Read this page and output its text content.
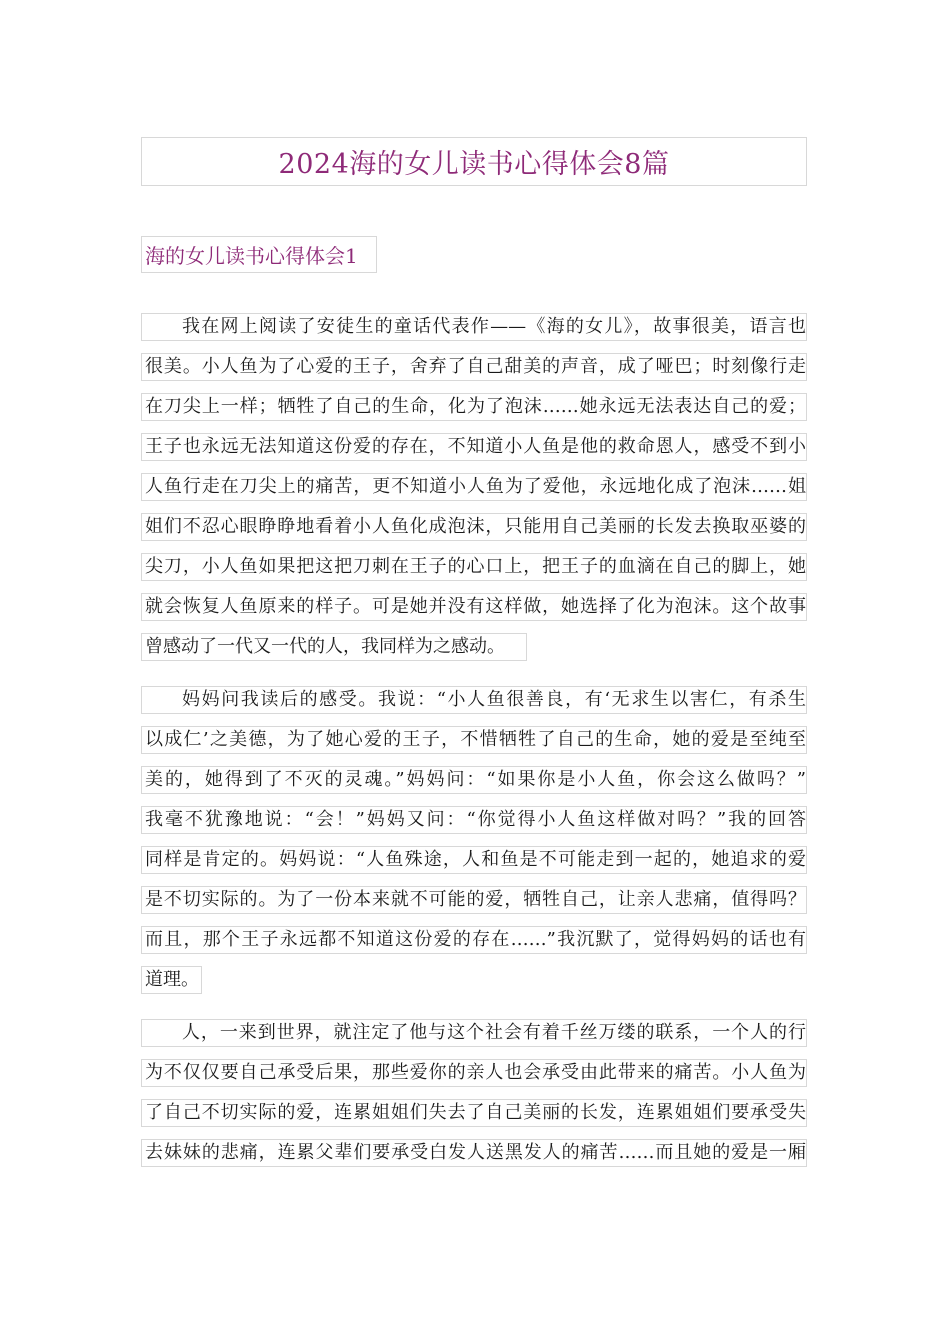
2024海的女儿读书心得体会8篇
海的女儿读书心得体会1
我在网上阅读了安徒生的童话代表作——《海的女儿》，故事很美，语言也
很美。小人鱼为了心爱的王子，舍弃了自己甜美的声音，成了哑巴；时刻像行走
在刀尖上一样；牺牲了自己的生命，化为了泡沫……她永远无法表达自己的爱；
王子也永远无法知道这份爱的存在，不知道小人鱼是他的救命恩人，感受不到小
人鱼行走在刀尖上的痛苦，更不知道小人鱼为了爱他，永远地化成了泡沫……姐
姐们不忍心眼睁睁地看着小人鱼化成泡沫，只能用自己美丽的长发去换取巫婆的
尖刀，小人鱼如果把这把刀刺在王子的心口上，把王子的血滴在自己的脚上，她
就会恢复人鱼原来的样子。可是她并没有这样做，她选择了化为泡沫。这个故事
曾感动了一代又一代的人，我同样为之感动。
妈妈问我读后的感受。我说：“小人鱼很善良，有‘无求生以害仁，有杀生
以成仁’之美德，为了她心爱的王子，不惜牺牲了自己的生命，她的爱是至纯至
美的，她得到了不灭的灵魂。”妈妈问：“如果你是小人鱼，你会这么做吗？”
我毫不犹豫地说：“会！”妈妈又问：“你觉得小人鱼这样做对吗？”我的回答
同样是肯定的。妈妈说：“人鱼殊途，人和鱼是不可能走到一起的，她追求的爱
是不切实际的。为了一份本来就不可能的爱，牺牲自己，让亲人悲痛，值得吗？
而且，那个王子永远都不知道这份爱的存在……”我沉默了，觉得妈妈的话也有
道理。
人，一来到世界，就注定了他与这个社会有着千丝万缕的联系，一个人的行
为不仅仅要自己承受后果，那些爱你的亲人也会承受由此带来的痛苦。小人鱼为
了自己不切实际的爱，连累姐姐们失去了自己美丽的长发，连累姐姐们要承受失
去妹妹的悲痛，连累父辈们要承受白发人送黑发人的痛苦……而且她的爱是一厢
